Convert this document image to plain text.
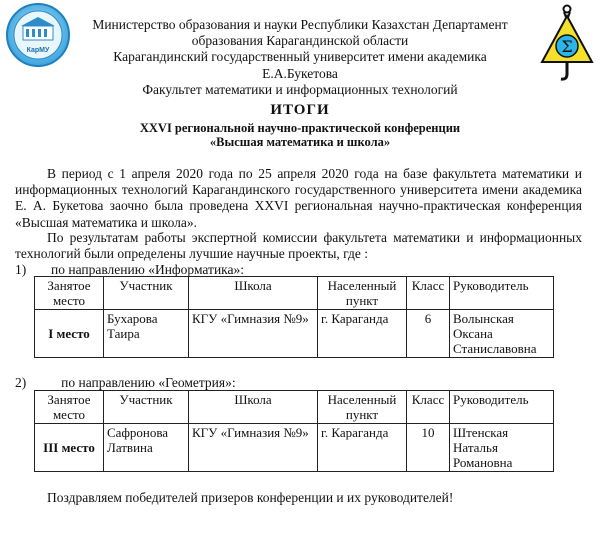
КарМУ	Σ
Министерство образования и науки Республики Казахстан Департамент
образования Карагандинской области
Карагандинский государственный университет имени академика
Е.А.Букетова
Факультет математики и информационных технологий
ИТОГИ
XXVI региональной научно-практической конференции
«Высшая математика и школа»
В период с 1 апреля 2020 года по 25 апреля 2020 года на базе факультета математики и информационных технологий Карагандинского государственного университета имени академика Е. А. Букетова заочно была проведена XXVI региональная научно-практическая конференция «Высшая математика и школа».
По результатам работы экспертной комиссии факультета математики и информационных технологий были определены лучшие научные проекты, где :
1) по направлению «Информатика»:
Занятое место	Участник	Школа	Населенный пункт	Класс	Руководитель
I место	Бухарова Таира	КГУ «Гимназия №9»	г. Караганда	6	Волынская Оксана Станиславовна
2)	по направлению «Геометрия»:
Занятое место	Участник	Школа	Населенный пункт	Класс	Руководитель
III место	Сафронова Латвина	КГУ «Гимназия №9»	г. Караганда	10	Штенская Наталья Романовна
Поздравляем победителей призеров конференции и их руководителей!
